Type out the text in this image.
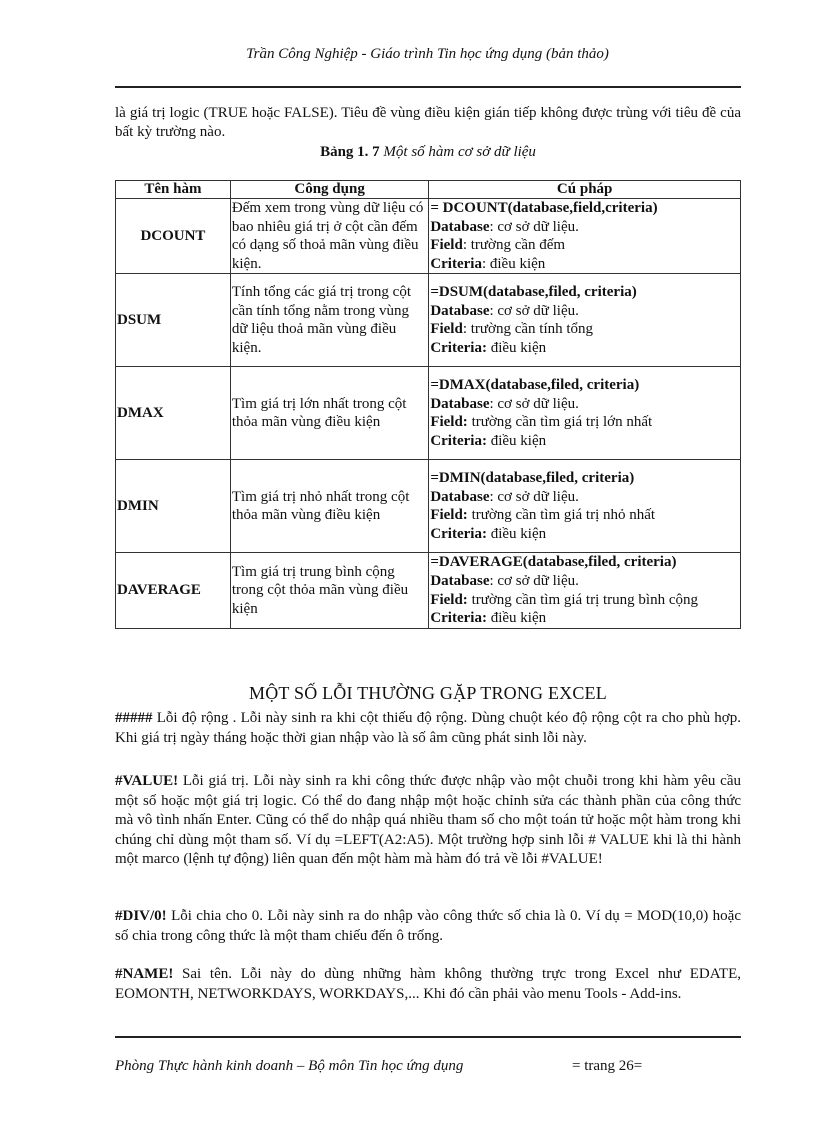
Trần Công Nghiệp - Giáo trình Tin học ứng dụng (bản thảo)
là giá trị logic (TRUE hoặc FALSE). Tiêu đề vùng điều kiện gián tiếp không được trùng với tiêu đề của bất kỳ trường nào.
Bảng 1. 7 Một số hàm cơ sở dữ liệu
Tên hàm	Công dụng	Cú pháp
DCOUNT	Đếm xem trong vùng dữ liệu có bao nhiêu giá trị ở cột cần đếm có dạng số thoả mãn vùng điều kiện.	= DCOUNT(database,field,criteria)
Database: cơ sở dữ liệu.
Field: trường cần đếm
Criteria: điều kiện

DSUM	Tính tổng các giá trị trong cột cần tính tổng nằm trong vùng dữ liệu thoả mãn vùng điều kiện.	=DSUM(database,filed, criteria)
Database: cơ sở dữ liệu.
Field: trường cần tính tổng
Criteria: điều kiện

DMAX	Tìm giá trị lớn nhất trong cột thỏa mãn vùng điều kiện	=DMAX(database,filed, criteria)
Database: cơ sở dữ liệu.
Field: trường cần tìm giá trị lớn nhất
Criteria: điều kiện

DMIN	Tìm giá trị nhỏ nhất trong cột thỏa mãn vùng điều kiện	=DMIN(database,filed, criteria)
Database: cơ sở dữ liệu.
Field: trường cần tìm giá trị nhỏ nhất
Criteria: điều kiện

DAVERAGE	Tìm giá trị trung bình cộng trong cột thỏa mãn vùng điều kiện	=DAVERAGE(database,filed, criteria)
Database: cơ sở dữ liệu.
Field: trường cần tìm giá trị trung bình cộng
Criteria: điều kiện
MỘT SỐ LỖI THƯỜNG GẶP TRONG EXCEL

##### Lỗi độ rộng . Lỗi này sinh ra khi cột thiếu độ rộng. Dùng chuột kéo độ rộng cột ra cho phù hợp. Khi giá trị ngày tháng hoặc thời gian nhập vào là số âm cũng phát sinh lỗi này.

#VALUE! Lỗi giá trị. Lỗi này sinh ra khi công thức được nhập vào một chuỗi trong khi hàm yêu cầu một số hoặc một giá trị logic. Có thể do đang nhập một hoặc chỉnh sửa các thành phần của công thức mà vô tình nhấn Enter. Cũng có thể do nhập quá nhiều tham số cho một toán tử hoặc một hàm trong khi chúng chỉ dùng một tham số. Ví dụ =LEFT(A2:A5). Một trường hợp sinh lỗi # VALUE khi là thi hành một marco (lệnh tự động) liên quan đến một hàm mà hàm đó trả về lỗi #VALUE!

#DIV/0! Lỗi chia cho 0. Lỗi này sinh ra do nhập vào công thức số chia là 0. Ví dụ = MOD(10,0) hoặc số chia trong công thức là một tham chiếu đến ô trống.

#NAME! Sai tên. Lỗi này do dùng những hàm không thường trực trong Excel như EDATE, EOMONTH, NETWORKDAYS, WORKDAYS,... Khi đó cần phải vào menu Tools - Add-ins.

Phòng Thực hành kinh doanh – Bộ môn Tin học ứng dụng	= trang 26=
